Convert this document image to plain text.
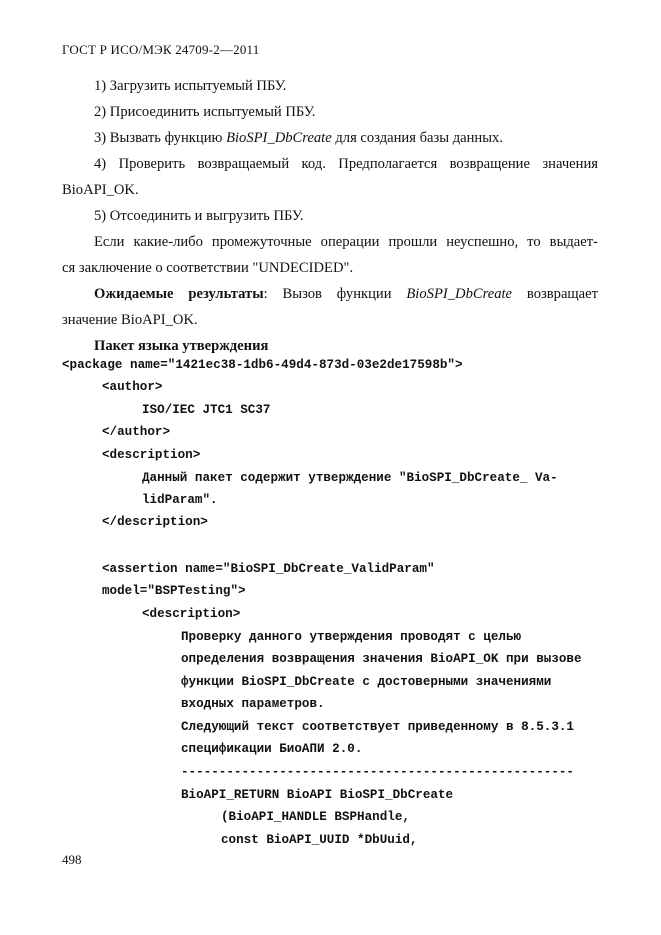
ГОСТ Р ИСО/МЭК 24709-2—2011
1) Загрузить испытуемый ПБУ.
2) Присоединить испытуемый ПБУ.
3) Вызвать функцию BioSPI_DbCreate для создания базы данных.
4) Проверить возвращаемый код. Предполагается возвращение значения
BioAPI_OK.
5) Отсоединить и выгрузить ПБУ.
Если какие-либо промежуточные операции прошли неуспешно, то выдает-
ся заключение о соответствии "UNDECIDED".
Ожидаемые результаты: Вызов функции BioSPI_DbCreate возвращает
значение BioAPI_OK.
Пакет языка утверждения
<package name="1421ec38-1db6-49d4-873d-03e2de17598b">
<author>
ISO/IEC JTC1 SC37
</author>
<description>
Данный пакет содержит утверждение "BioSPI_DbCreate_ Va-
lidParam".
</description>
<assertion name="BioSPI_DbCreate_ValidParam"
model="BSPTesting">
<description>
Проверку данного утверждения проводят с целью
определения возвращения значения BioAPI_OK при вызове
функции BioSPI_DbCreate с достоверными значениями
входных параметров.
Следующий текст соответствует приведенному в 8.5.3.1
спецификации БиоАПИ 2.0.
----------------------------------------------------
BioAPI_RETURN BioAPI BioSPI_DbCreate
(BioAPI_HANDLE BSPHandle,
const BioAPI_UUID *DbUuid,
498
